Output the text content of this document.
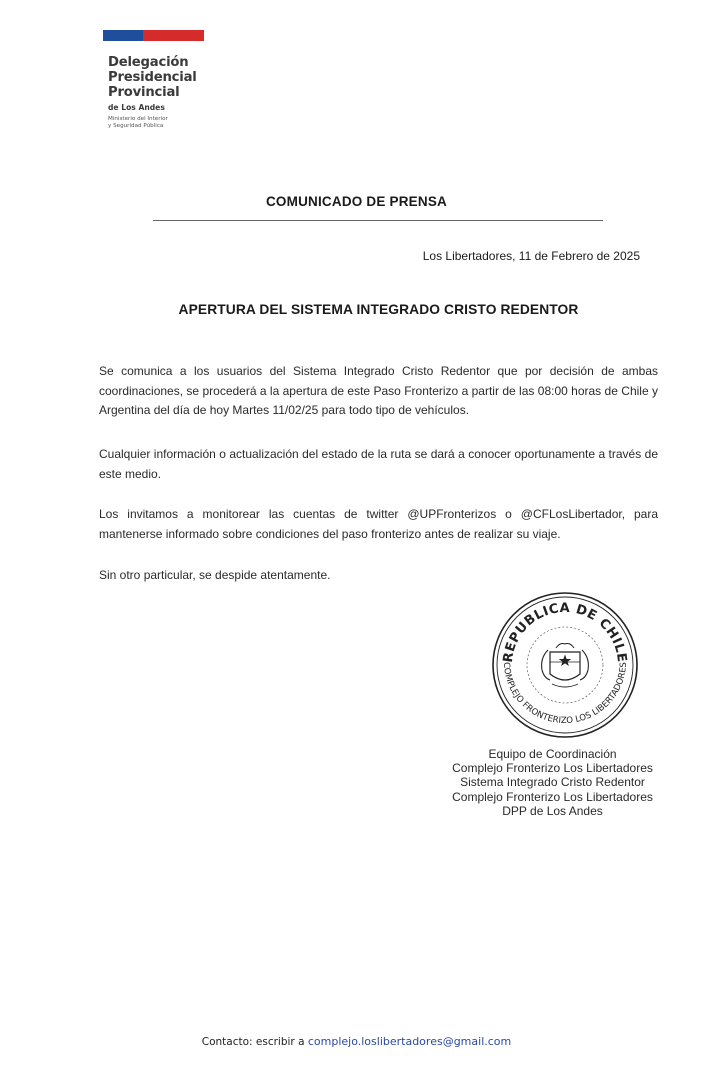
Delegación
Presidencial
Provincial
de Los Andes
Ministerio del Interior
y Seguridad Pública
COMUNICADO DE PRENSA
Los Libertadores, 11 de Febrero de 2025
APERTURA DEL SISTEMA INTEGRADO CRISTO REDENTOR

Se comunica a los usuarios del Sistema Integrado Cristo Redentor que por decisión de ambas coordinaciones, se procederá a la apertura de este Paso Fronterizo a partir de las 08:00 horas de Chile y Argentina del día de hoy Martes 11/02/25 para todo tipo de vehículos.

Cualquier información o actualización del estado de la ruta se dará a conocer oportunamente a través de este medio.

Los invitamos a monitorear las cuentas de twitter @UPFronterizos o @CFLosLibertador, para mantenerse informado sobre condiciones del paso fronterizo antes de realizar su viaje.

Sin otro particular, se despide atentamente.

REPUBLICA DE CHILE
COMPLEJO FRONTERIZO LOS LIBERTADORES
Equipo de Coordinación
Complejo Fronterizo Los Libertadores
Sistema Integrado Cristo Redentor
Complejo Fronterizo Los Libertadores
DPP de Los Andes
Contacto: escribir a complejo.loslibertadores@gmail.com
